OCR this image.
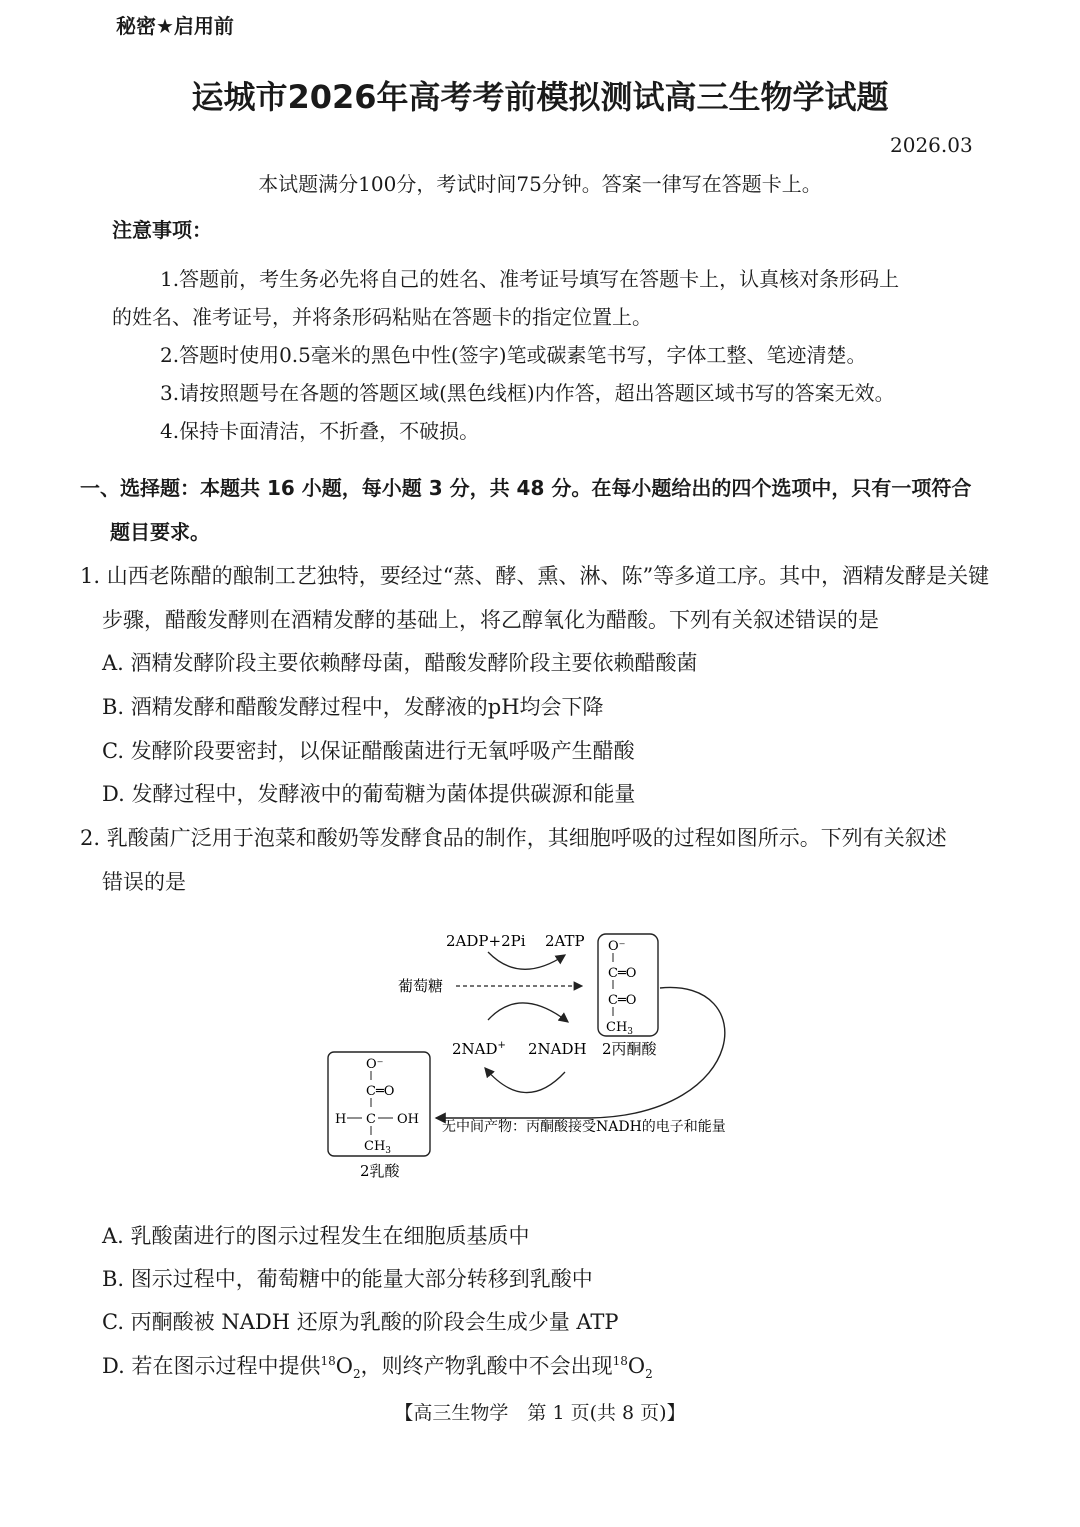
秘密★启用前
运城市2026年高考考前模拟测试高三生物学试题
2026.03
本试题满分100分，考试时间75分钟。答案一律写在答题卡上。
注意事项：
1.答题前，考生务必先将自己的姓名、准考证号填写在答题卡上，认真核对条形码上
的姓名、准考证号，并将条形码粘贴在答题卡的指定位置上。
2.答题时使用0.5毫米的黑色中性(签字)笔或碳素笔书写，字体工整、笔迹清楚。
3.请按照题号在各题的答题区域(黑色线框)内作答，超出答题区域书写的答案无效。
4.保持卡面清洁，不折叠，不破损。
一、选择题：本题共 16 小题，每小题 3 分，共 48 分。在每小题给出的四个选项中，只有一项符合
题目要求。
1. 山西老陈醋的酿制工艺独特，要经过“蒸、酵、熏、淋、陈”等多道工序。其中，酒精发酵是关键
步骤，醋酸发酵则在酒精发酵的基础上，将乙醇氧化为醋酸。下列有关叙述错误的是
A. 酒精发酵阶段主要依赖酵母菌，醋酸发酵阶段主要依赖醋酸菌
B. 酒精发酵和醋酸发酵过程中，发酵液的pH均会下降
C. 发酵阶段要密封，以保证醋酸菌进行无氧呼吸产生醋酸
D. 发酵过程中，发酵液中的葡萄糖为菌体提供碳源和能量
2. 乳酸菌广泛用于泡菜和酸奶等发酵食品的制作，其细胞呼吸的过程如图所示。下列有关叙述
错误的是
2ADP+2Pi 2ATP
葡萄糖
O⁻
C═O
C═O
$CH_3$
2丙酮酸
2NAD+ 2NADH
无中间产物：丙酮酸接受NADH的电子和能量
O⁻
C═O
H C OH
$CH_3$
2乳酸
A. 乳酸菌进行的图示过程发生在细胞质基质中
B. 图示过程中，葡萄糖中的能量大部分转移到乳酸中
C. 丙酮酸被 NADH 还原为乳酸的阶段会生成少量 ATP
D. 若在图示过程中提供$^{18}O_2$，则终产物乳酸中不会出现$^{18}O_2$
【高三生物学　第 1 页(共 8 页)】
